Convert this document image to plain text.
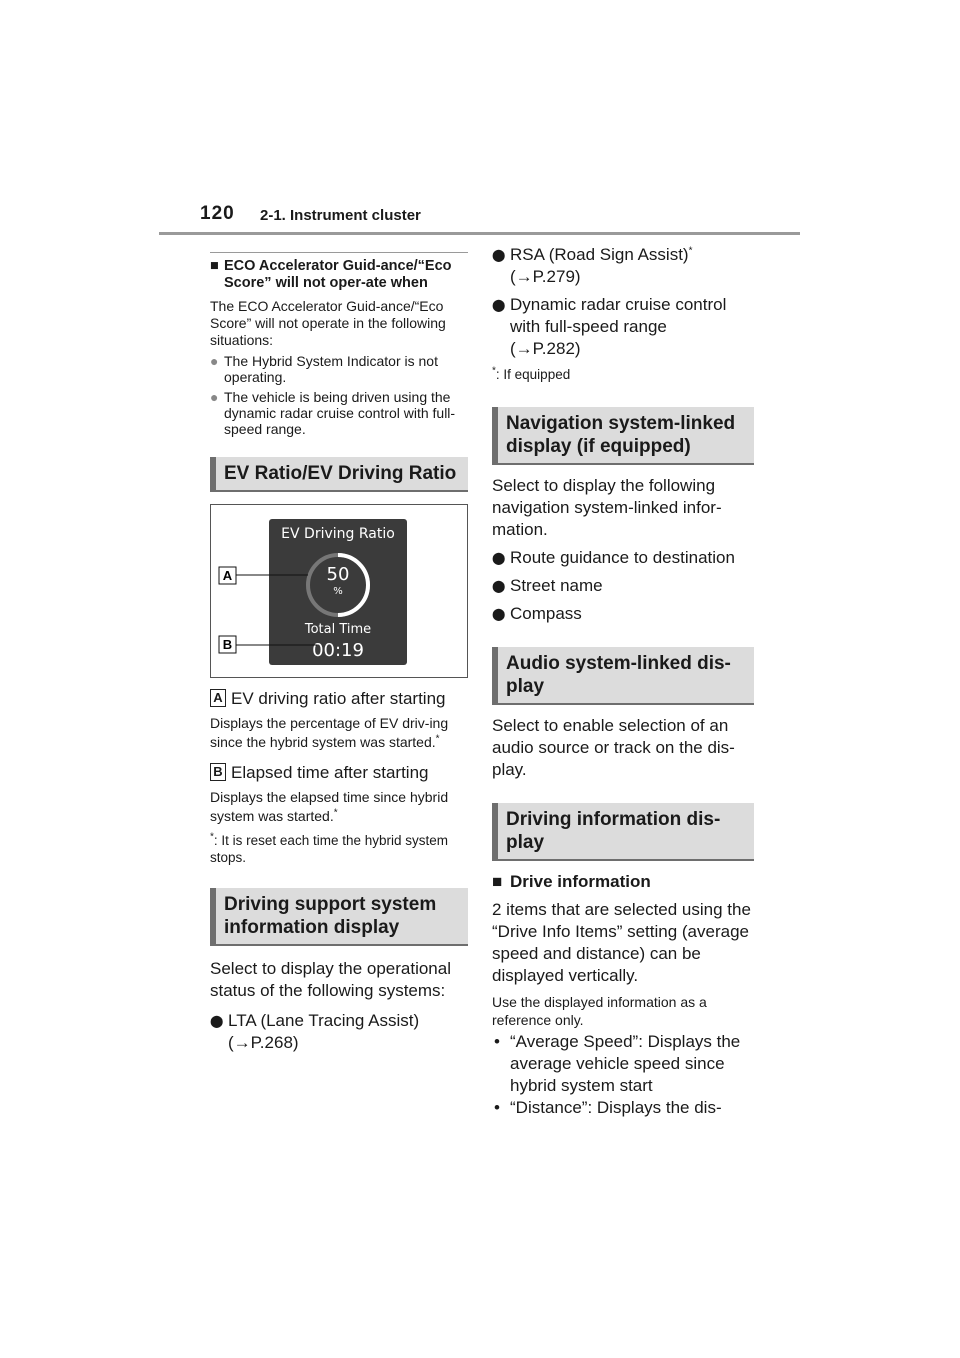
120 2-1. Instrument cluster
■ ECO Accelerator Guid-ance/“Eco Score” will not oper-ate when
The ECO Accelerator Guid-ance/“Eco Score” will not operate in the following situations:
● The Hybrid System Indicator is not operating.
● The vehicle is being driven using the dynamic radar cruise control with full-speed range.
EV Ratio/EV Driving Ratio
EV Driving Ratio
50
%
Total Time
00:19
A
B
A EV driving ratio after starting
Displays the percentage of EV driv-ing since the hybrid system was started.*
B Elapsed time after starting
Displays the elapsed time since hybrid system was started.*
*: It is reset each time the hybrid system stops.
Driving support system information display
Select to display the operational status of the following systems:
⬤ LTA (Lane Tracing Assist)
(→P.268)
⬤ RSA (Road Sign Assist)*
(→P.279)
⬤ Dynamic radar cruise control with full-speed range
(→P.282)
*: If equipped
Navigation system-linked display (if equipped)
Select to display the following navigation system-linked infor-mation.
⬤ Route guidance to destination
⬤ Street name
⬤ Compass
Audio system-linked dis-play
Select to enable selection of an audio source or track on the dis-play.
Driving information dis-play
■ Drive information
2 items that are selected using the “Drive Info Items” setting (average speed and distance) can be displayed vertically.
Use the displayed information as a reference only.
• “Average Speed”: Displays the average vehicle speed since hybrid system start
• “Distance”: Displays the dis-
